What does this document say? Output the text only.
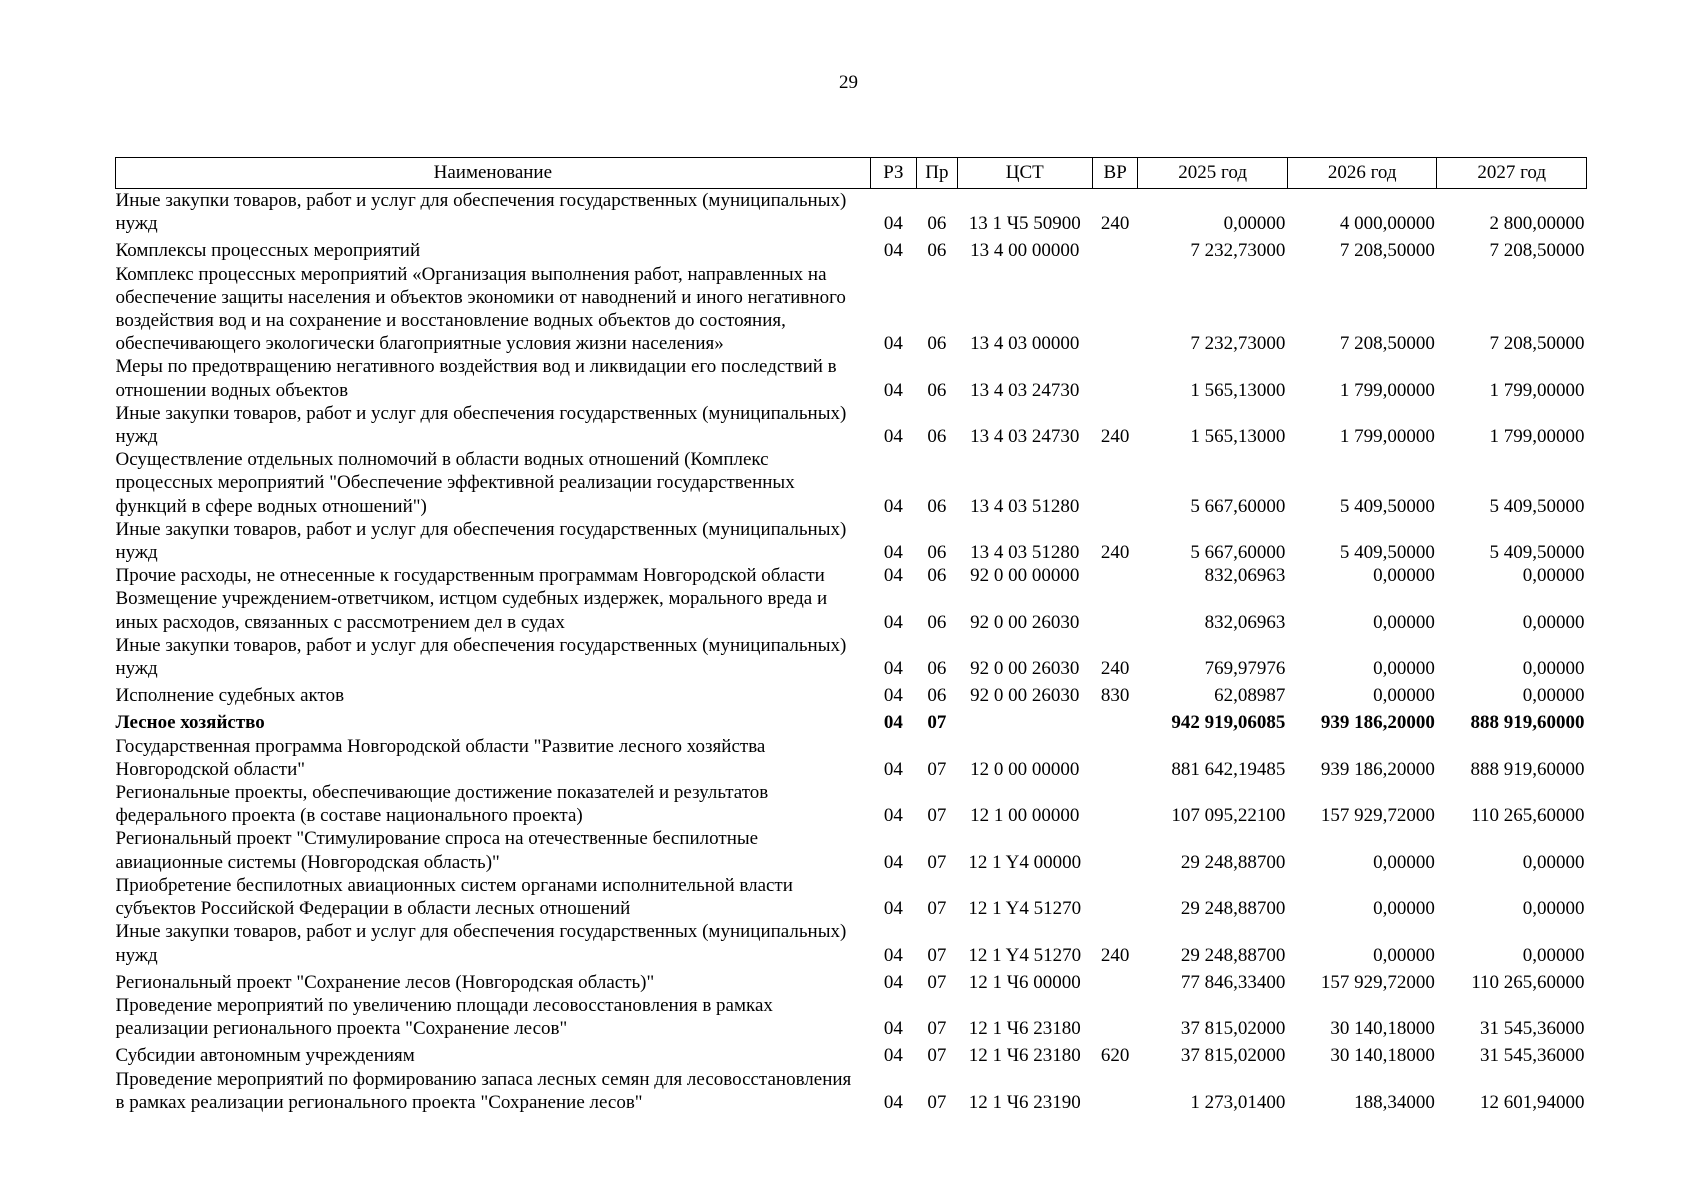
29
Наименование	РЗ	Пр	ЦСТ	ВР	2025 год	2026 год	2027 год
Иные закупки товаров, работ и услуг для обеспечения государственных (муниципальных) нужд	04	06	13 1 Ч5 50900	240	0,00000	4 000,00000	2 800,00000
Комплексы процессных мероприятий	04	06	13 4 00 00000		7 232,73000	7 208,50000	7 208,50000
Комплекс процессных мероприятий «Организация выполнения работ, направленных на обеспечение защиты населения и объектов экономики от наводнений и иного негативного воздействия вод и на сохранение и восстановление водных объектов до состояния, обеспечивающего экологически благоприятные условия жизни населения»	04	06	13 4 03 00000		7 232,73000	7 208,50000	7 208,50000
Меры по предотвращению негативного воздействия вод и ликвидации его последствий в отношении водных объектов	04	06	13 4 03 24730		1 565,13000	1 799,00000	1 799,00000
Иные закупки товаров, работ и услуг для обеспечения государственных (муниципальных) нужд	04	06	13 4 03 24730	240	1 565,13000	1 799,00000	1 799,00000
Осуществление отдельных полномочий в области водных отношений (Комплекс процессных мероприятий "Обеспечение эффективной реализации государственных функций в сфере водных отношений")	04	06	13 4 03 51280		5 667,60000	5 409,50000	5 409,50000
Иные закупки товаров, работ и услуг для обеспечения государственных (муниципальных) нужд	04	06	13 4 03 51280	240	5 667,60000	5 409,50000	5 409,50000
Прочие расходы, не отнесенные к государственным программам Новгородской области	04	06	92 0 00 00000		832,06963	0,00000	0,00000
Возмещение учреждением-ответчиком, истцом судебных издержек, морального вреда и иных расходов, связанных с рассмотрением дел в судах	04	06	92 0 00 26030		832,06963	0,00000	0,00000
Иные закупки товаров, работ и услуг для обеспечения государственных (муниципальных) нужд	04	06	92 0 00 26030	240	769,97976	0,00000	0,00000
Исполнение судебных актов	04	06	92 0 00 26030	830	62,08987	0,00000	0,00000
Лесное хозяйство	04	07			942 919,06085	939 186,20000	888 919,60000
Государственная программа Новгородской области "Развитие лесного хозяйства Новгородской области"	04	07	12 0 00 00000		881 642,19485	939 186,20000	888 919,60000
Региональные проекты, обеспечивающие достижение показателей и результатов федерального проекта (в составе национального проекта)	04	07	12 1 00 00000		107 095,22100	157 929,72000	110 265,60000
Региональный проект "Стимулирование спроса на отечественные беспилотные авиационные системы (Новгородская область)"	04	07	12 1 Y4 00000		29 248,88700	0,00000	0,00000
Приобретение беспилотных авиационных систем органами исполнительной власти субъектов Российской Федерации в области лесных отношений	04	07	12 1 Y4 51270		29 248,88700	0,00000	0,00000
Иные закупки товаров, работ и услуг для обеспечения государственных (муниципальных) нужд	04	07	12 1 Y4 51270	240	29 248,88700	0,00000	0,00000
Региональный проект "Сохранение лесов (Новгородская область)"	04	07	12 1 Ч6 00000		77 846,33400	157 929,72000	110 265,60000
Проведение мероприятий по увеличению площади лесовосстановления в рамках реализации регионального проекта "Сохранение лесов"	04	07	12 1 Ч6 23180		37 815,02000	30 140,18000	31 545,36000
Субсидии автономным учреждениям	04	07	12 1 Ч6 23180	620	37 815,02000	30 140,18000	31 545,36000
Проведение мероприятий по формированию запаса лесных семян для лесовосстановления в рамках реализации регионального проекта "Сохранение лесов"	04	07	12 1 Ч6 23190		1 273,01400	188,34000	12 601,94000
